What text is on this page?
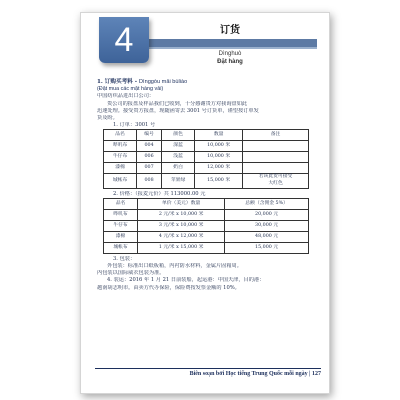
4	订货
Dìnghuò
Đặt hàng
1. 订购买考料 - Dìnggòu mǎi bùliào
(Đặt mua các mặt hàng vải)
中国纺织品进出口公司：
贵公司的报盘及样品我们已收到，十分感谢贵方对我询盘如此
迅速处理。接受贵方报盘，现随函寄去 3001 号订货单，谨望按订单发
货及盼。
1. 订单：3001 号
品名	编号	颜色	数量	备注
哔叽布	004	深蓝	10,000 米	
牛仔布	006	浅蓝	10,000 米	
漆棉	007	奶白	12,000 米	
城帐布	008	苹果绿	15,000 米	若该此货可接受
大红色
2. 价格：（报麦元价）共 113000.00 元
品名	单价（美元）数量	总额（含佣金 5%）
哔叽布	2 元/米 x 10,000 米	20,000 元
牛仔布	3 元/米 x 10,000 米	30,000 元
漆棉	4 元/米 x 12,000 米	48,000 元
城帐布	1 元/米 x 15,000 米	15,000 元
3. 包装：
外包装：标准出口纸板箱，内衬防水材料，金属片固箱周。
内包装以国际威衣包装为准。
4. 装运：2016 年 1 月 21 日前装船，起运港：中国天津，目的港：
越南胡志明市。由卖方代办保险，保险费按发票金额的 10%。
Biên soạn bởi Học tiếng Trung Quốc mỗi ngày | 127
